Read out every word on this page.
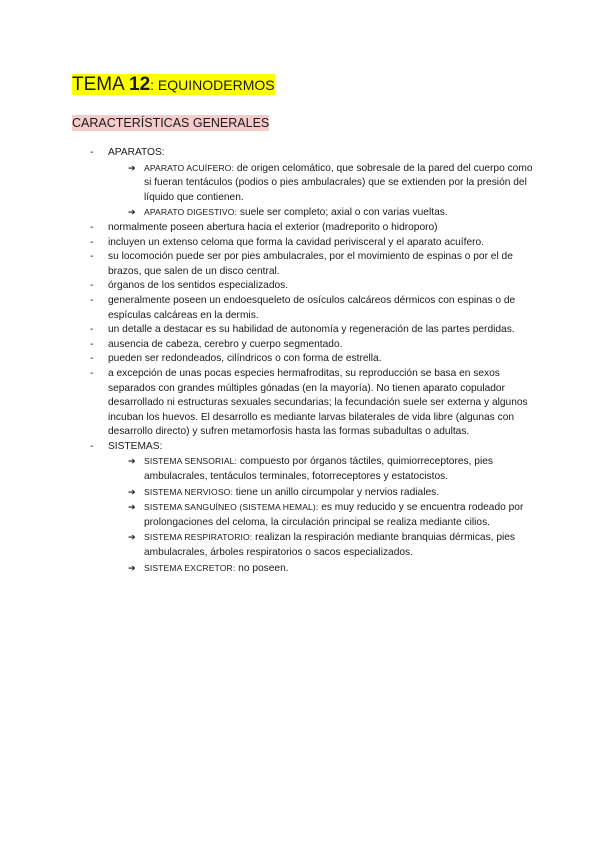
TEMA 12: EQUINODERMOS
CARACTERÍSTICAS GENERALES
- APARATOS:
➔ APARATO ACUÍFERO: de origen celomático, que sobresale de la pared del cuerpo como si fueran tentáculos (podios o pies ambulacrales) que se extienden por la presión del líquido que contienen.
➔ APARATO DIGESTIVO: suele ser completo; axial o con varias vueltas.
- normalmente poseen abertura hacia el exterior (madreporito o hidroporo)
- incluyen un extenso celoma que forma la cavidad perivisceral y el aparato acuífero.
- su locomoción puede ser por pies ambulacrales, por el movimiento de espinas o por el de brazos, que salen de un disco central.
- órganos de los sentidos especializados.
- generalmente poseen un endoesqueleto de osículos calcáreos dérmicos con espinas o de espículas calcáreas en la dermis.
- un detalle a destacar es su habilidad de autonomía y regeneración de las partes perdidas.
- ausencia de cabeza, cerebro y cuerpo segmentado.
- pueden ser redondeados, cilíndricos o con forma de estrella.
- a excepción de unas pocas especies hermafroditas, su reproducción se basa en sexos separados con grandes múltiples gónadas (en la mayoría). No tienen aparato copulador desarrollado ni estructuras sexuales secundarias; la fecundación suele ser externa y algunos incuban los huevos. El desarrollo es mediante larvas bilaterales de vida libre (algunas con desarrollo directo) y sufren metamorfosis hasta las formas subadultas o adultas.
- SISTEMAS:
➔ SISTEMA SENSORIAL: compuesto por órganos táctiles, quimiorreceptores, pies ambulacrales, tentáculos terminales, fotorreceptores y estatocistos.
➔ SISTEMA NERVIOSO: tiene un anillo circumpolar y nervios radiales.
➔ SISTEMA SANGUÍNEO (SISTEMA HEMAL): es muy reducido y se encuentra rodeado por prolongaciones del celoma, la circulación principal se realiza mediante cilios.
➔ SISTEMA RESPIRATORIO: realizan la respiración mediante branquias dérmicas, pies ambulacrales, árboles respiratorios o sacos especializados.
➔ SISTEMA EXCRETOR: no poseen.
